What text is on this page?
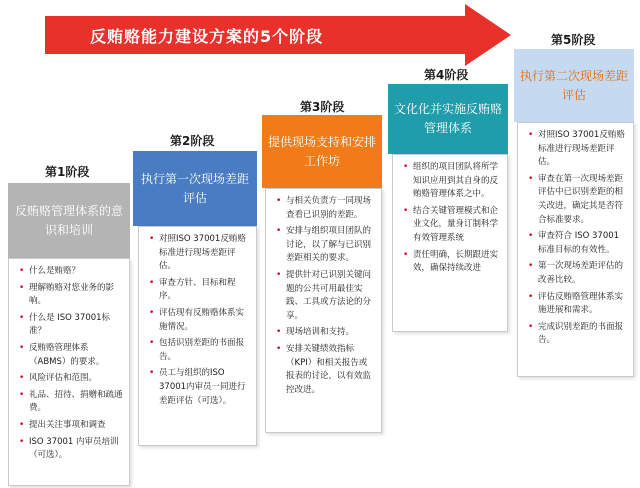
反贿赂能力建设方案的5个阶段
第1阶段
反贿赂管理体系的意识和培训
• 什么是贿赂？
• 理解贿赂对您业务的影响。
• 什么是 ISO 37001标准？
• 反贿赂管理体系（ABMS）的要求。
• 风险评估和范围。
• 礼品、招待、捐赠和疏通费。
• 提出关注事项和调查
• ISO 37001 内审员培训（可选）。
第2阶段
执行第一次现场差距评估
• 对照ISO 37001反贿赂标准进行现场差距评估。
• 审查方针、目标和程序。
• 评估现有反贿赂体系实施情况。
• 包括识别差距的书面报告。
• 员工与组织的ISO 37001内审员一同进行差距评估（可选）。
第3阶段
提供现场支持和安排工作坊
• 与相关负责方一同现场查看已识别的差距。
• 安排与组织项目团队的讨论，以了解与已识别差距相关的要求。
• 提供针对已识别关键问题的公共可用最佳实践、工具或方法论的分享。
• 现场培训和支持。
• 安排关键绩效指标（KPI）和相关报告或报表的讨论，以有效监控改进。
第4阶段
文化化并实施反贿赂管理体系
• 组织的项目团队将所学知识应用到其自身的反贿赂管理体系之中。
• 结合关键管理模式和企业文化，量身订制科学有效管理系统
• 责任明确，长期跟进实效，确保持续改进
第5阶段
执行第二次现场差距评估
• 对照ISO 37001反贿赂标准进行现场差距评估。
• 审查在第一次现场差距评估中已识别差距的相关改进，确定其是否符合标准要求。
• 审查符合 ISO 37001标准目标的有效性。
• 第一次现场差距评估的改善比较。
• 评估反贿赂管理体系实施进展和需求。
• 完成识别差距的书面报告。
